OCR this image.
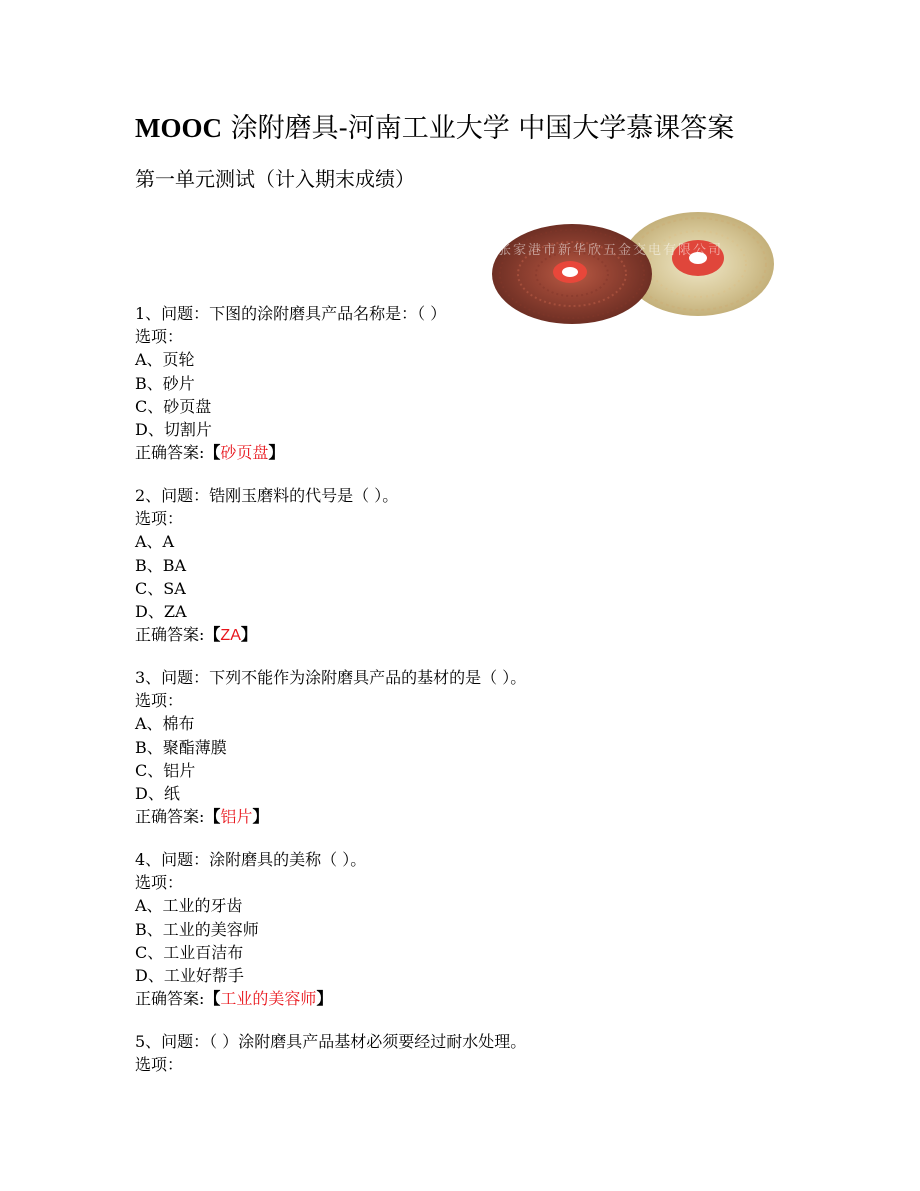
MOOC 涂附磨具-河南工业大学 中国大学慕课答案
第一单元测试（计入期末成绩）
张家港市新华欣五金交电有限公司
1、问题：下图的涂附磨具产品名称是：（ ）
选项：
A、页轮
B、砂片
C、砂页盘
D、切割片
正确答案:【砂页盘】
2、问题：锆刚玉磨料的代号是（ ）。
选项：
A、A
B、BA
C、SA
D、ZA
正确答案:【ZA】
3、问题：下列不能作为涂附磨具产品的基材的是（ ）。
选项：
A、棉布
B、聚酯薄膜
C、铝片
D、纸
正确答案:【铝片】
4、问题：涂附磨具的美称（ ）。
选项：
A、工业的牙齿
B、工业的美容师
C、工业百洁布
D、工业好帮手
正确答案:【工业的美容师】
5、问题：（ ）涂附磨具产品基材必须要经过耐水处理。
选项：
